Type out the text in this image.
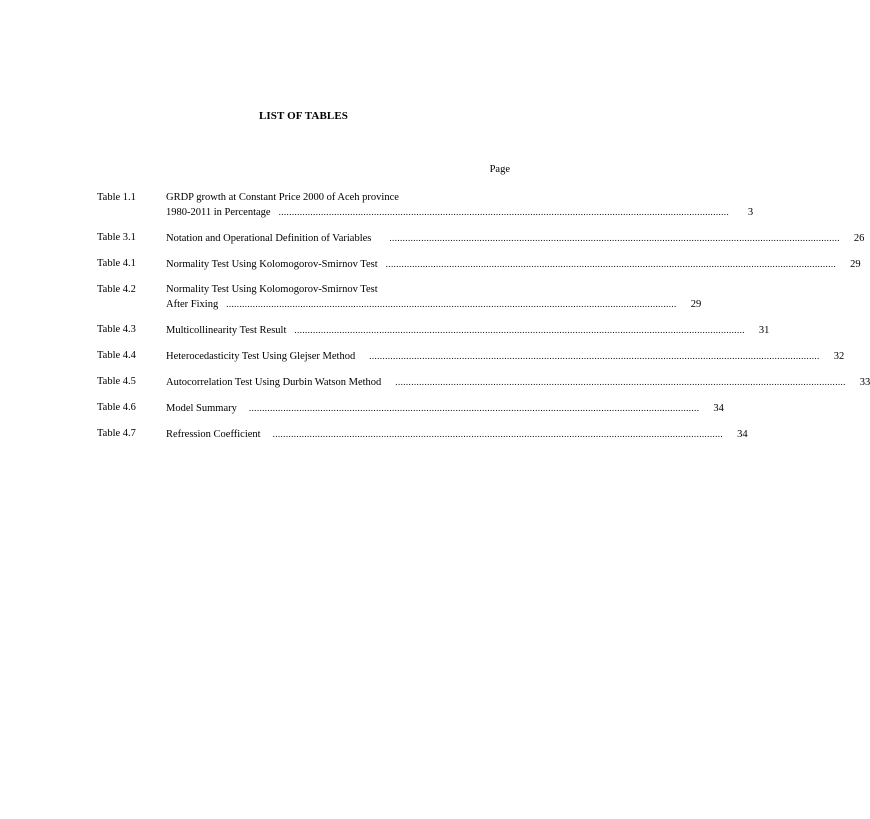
LIST OF TABLES
Page
Table 1.1	GRDP growth at Constant Price 2000 of Aceh province
1980-2011 in Percentage ..........................................................................................................................................................................	3
Table 3.1	Notation and Operational Definition of Variables	..........................................................................................................................................................................	26
Table 4.1	Normality Test Using Kolomogorov-Smirnov Test ..........................................................................................................................................................................	29
Table 4.2	Normality Test Using Kolomogorov-Smirnov Test
After Fixing ..........................................................................................................................................................................	29
Table 4.3	Multicollinearity Test Result ..........................................................................................................................................................................	31
Table 4.4	Heterocedasticity Test Using Glejser Method	..........................................................................................................................................................................	32
Table 4.5	Autocorrelation Test Using Durbin Watson Method	..........................................................................................................................................................................	33
Table 4.6	Model Summary	..........................................................................................................................................................................	34
Table 4.7	Refression Coefficient	..........................................................................................................................................................................	34
